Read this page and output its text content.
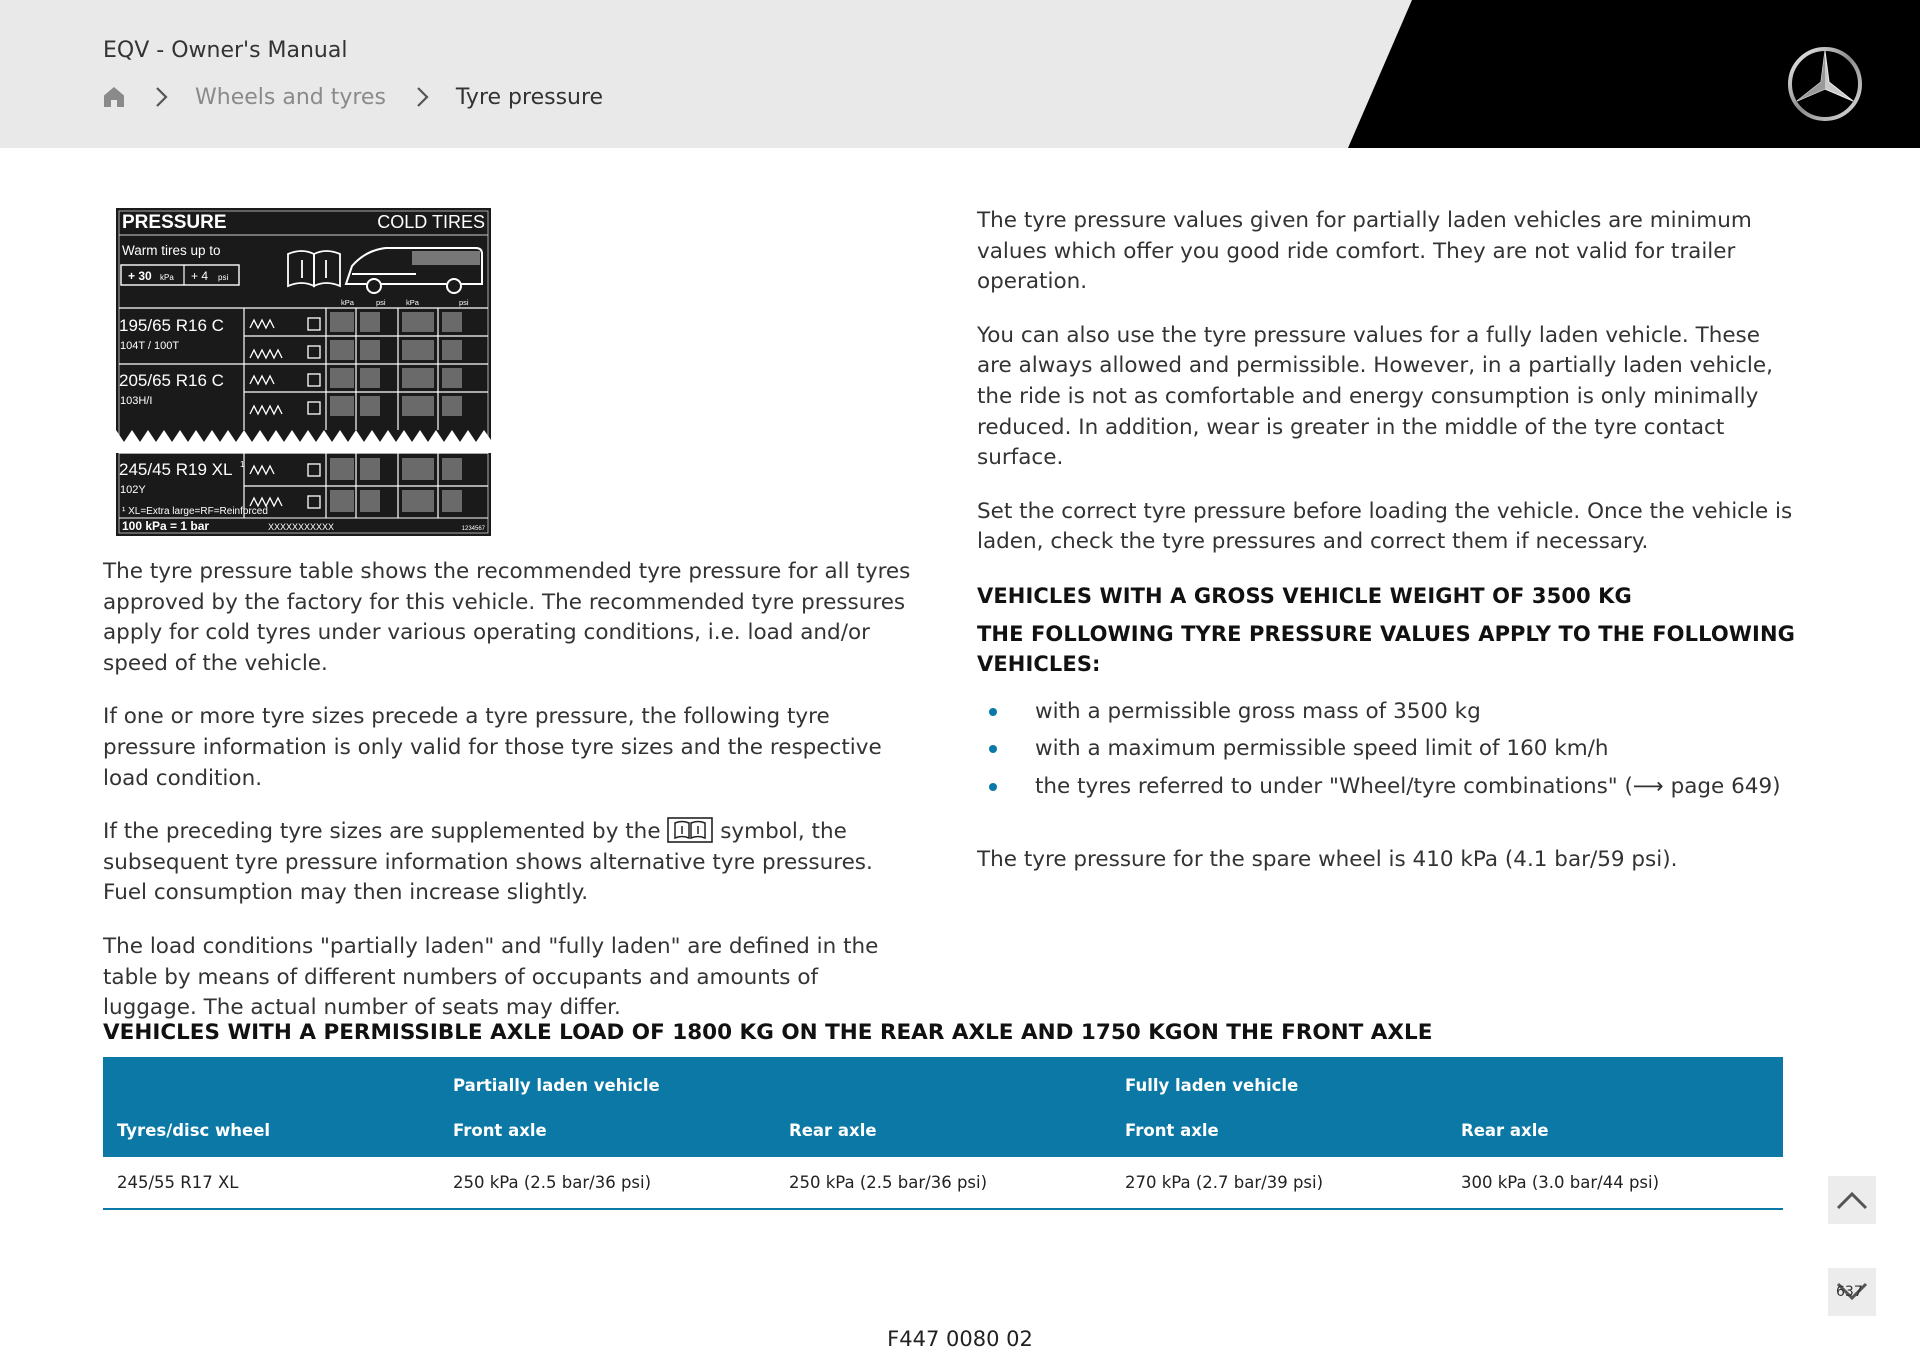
EQV - Owner's Manual
Wheels and tyres	Tyre pressure
PRESSURE	COLD TIRES
Warm tires up to
+ 30 kPa + 4 psi
kPa	psi	kPa	psi
195/65 R16 C
104T / 100T
205/65 R16 C
103H/I
245/45 R19 XL 1
102Y
¹ XL=Extra large=RF=Reinforced
100 kPa = 1 bar	XXXXXXXXXXX	1234567

The tyre pressure table shows the recommended tyre pressure for all tyres approved by the factory for this vehicle. The recommended tyre pressures apply for cold tyres under various operating conditions, i.e. load and/or speed of the vehicle.

If one or more tyre sizes precede a tyre pressure, the following tyre pressure information is only valid for those tyre sizes and the respective load condition.

If the preceding tyre sizes are supplemented by the	symbol, the subsequent tyre pressure information shows alternative tyre pressures. Fuel consumption may then increase slightly.

The load conditions "partially laden" and "fully laden" are defined in the table by means of different numbers of occupants and amounts of luggage. The actual number of seats may differ.

The tyre pressure values given for partially laden vehicles are minimum values which offer you good ride comfort. They are not valid for trailer operation.

You can also use the tyre pressure values for a fully laden vehicle. These are always allowed and permissible. However, in a partially laden vehicle, the ride is not as comfortable and energy consumption is only minimally reduced. In addition, wear is greater in the middle of the tyre contact surface.

Set the correct tyre pressure before loading the vehicle. Once the vehicle is laden, check the tyre pressures and correct them if necessary.

VEHICLES WITH A GROSS VEHICLE WEIGHT OF 3500 KG
THE FOLLOWING TYRE PRESSURE VALUES APPLY TO THE FOLLOWING VEHICLES:
with a permissible gross mass of 3500 kg
with a maximum permissible speed limit of 160 km/h
the tyres referred to under "Wheel/tyre combinations" (⟶ page 649)

The tyre pressure for the spare wheel is 410 kPa (4.1 bar/59 psi).

VEHICLES WITH A PERMISSIBLE AXLE LOAD OF 1800 KG ON THE REAR AXLE AND 1750 KGON THE FRONT AXLE
	Partially laden vehicle		Fully laden vehicle	
Tyres/disc wheel	Front axle	Rear axle	Front axle	Rear axle
245/55 R17 XL	250 kPa (2.5 bar/36 psi)	250 kPa (2.5 bar/36 psi)	270 kPa (2.7 bar/39 psi)	300 kPa (3.0 bar/44 psi)
637
F447 0080 02
